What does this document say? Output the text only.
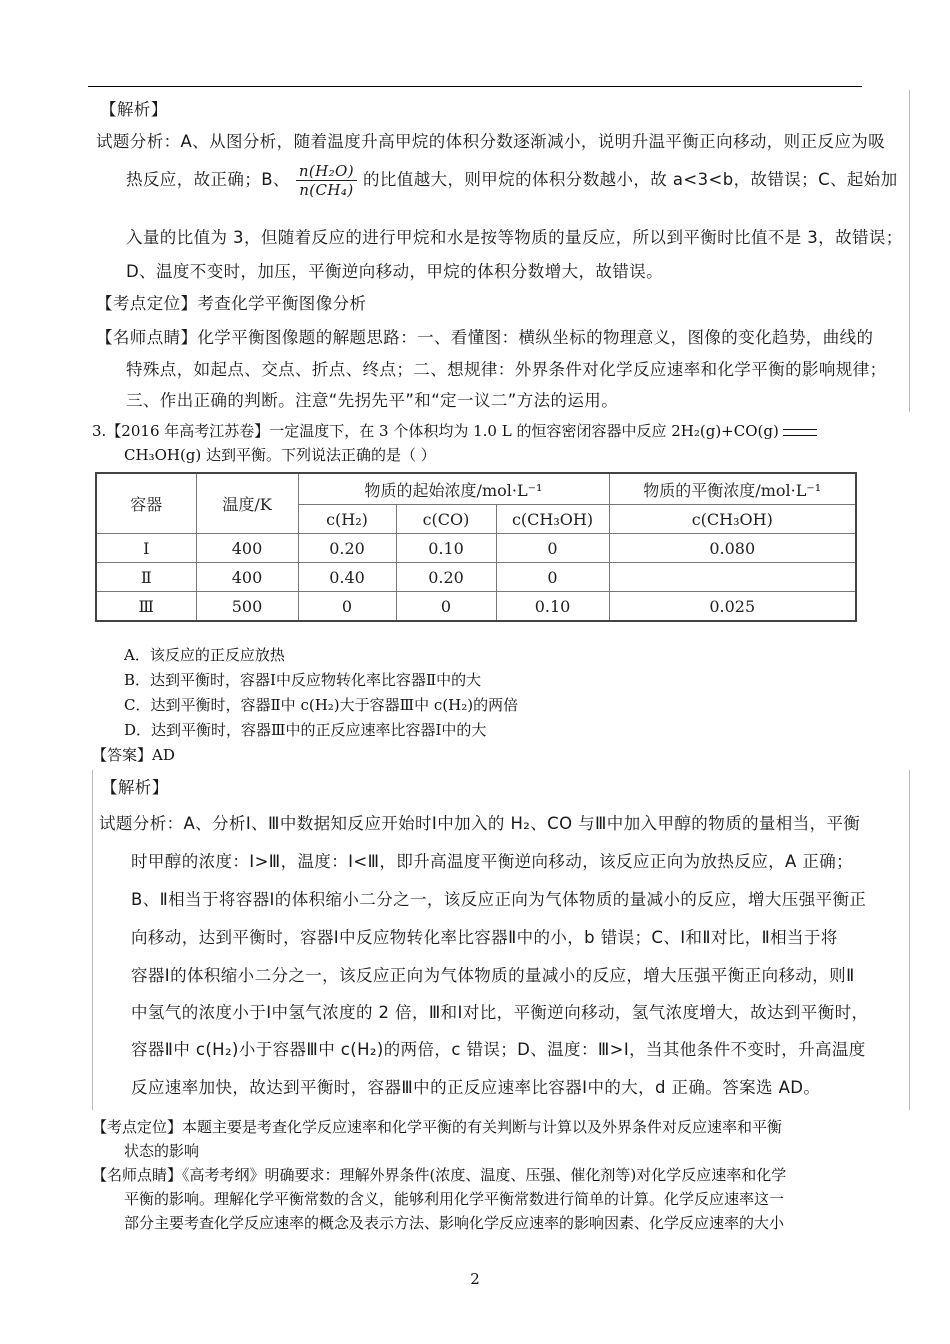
【解析】
试题分析：A、从图分析，随着温度升高甲烷的体积分数逐渐减小，说明升温平衡正向移动，则正反应为吸
热反应，故正确；B、 $\frac{\text{n(H₂O)}}{\text{n(CH₄)}}$ 的比值越大，则甲烷的体积分数越小，故 a<3<b，故错误；C、起始加
入量的比值为 3，但随着反应的进行甲烷和水是按等物质的量反应，所以到平衡时比值不是 3，故错误；
D、温度不变时，加压，平衡逆向移动，甲烷的体积分数增大，故错误。
【考点定位】考查化学平衡图像分析
【名师点睛】化学平衡图像题的解题思路：一、看懂图：横纵坐标的物理意义，图像的变化趋势，曲线的
特殊点，如起点、交点、折点、终点；二、想规律：外界条件对化学反应速率和化学平衡的影响规律；
三、作出正确的判断。注意“先拐先平”和“定一议二”方法的运用。
3.【2016 年高考江苏卷】一定温度下，在 3 个体积均为 1.0 L 的恒容密闭容器中反应 2H₂(g)+CO(g)
CH₃OH(g) 达到平衡。下列说法正确的是（ ）
容器	温度/K	物质的起始浓度/mol·L⁻¹			物质的平衡浓度/mol·L⁻¹
		c(H₂)	c(CO)	c(CH₃OH)	c(CH₃OH)
Ⅰ	400	0.20	0.10	0	0.080
Ⅱ	400	0.40	0.20	0	
Ⅲ	500	0	0	0.10	0.025
A．该反应的正反应放热
B．达到平衡时，容器Ⅰ中反应物转化率比容器Ⅱ中的大
C．达到平衡时，容器Ⅱ中 c(H₂)大于容器Ⅲ中 c(H₂)的两倍
D．达到平衡时，容器Ⅲ中的正反应速率比容器Ⅰ中的大
【答案】AD
【解析】
试题分析：A、分析Ⅰ、Ⅲ中数据知反应开始时Ⅰ中加入的 H₂、CO 与Ⅲ中加入甲醇的物质的量相当，平衡
时甲醇的浓度：Ⅰ>Ⅲ，温度：Ⅰ<Ⅲ，即升高温度平衡逆向移动，该反应正向为放热反应，A 正确；
B、Ⅱ相当于将容器Ⅰ的体积缩小二分之一，该反应正向为气体物质的量减小的反应，增大压强平衡正
向移动，达到平衡时，容器Ⅰ中反应物转化率比容器Ⅱ中的小，b 错误；C、Ⅰ和Ⅱ对比，Ⅱ相当于将
容器Ⅰ的体积缩小二分之一，该反应正向为气体物质的量减小的反应，增大压强平衡正向移动，则Ⅱ
中氢气的浓度小于Ⅰ中氢气浓度的 2 倍，Ⅲ和Ⅰ对比，平衡逆向移动，氢气浓度增大，故达到平衡时，
容器Ⅱ中 c(H₂)小于容器Ⅲ中 c(H₂)的两倍，c 错误；D、温度：Ⅲ>Ⅰ，当其他条件不变时，升高温度
反应速率加快，故达到平衡时，容器Ⅲ中的正反应速率比容器Ⅰ中的大，d 正确。答案选 AD。
【考点定位】本题主要是考查化学反应速率和化学平衡的有关判断与计算以及外界条件对反应速率和平衡
状态的影响
【名师点睛】《高考考纲》明确要求：理解外界条件(浓度、温度、压强、催化剂等)对化学反应速率和化学
平衡的影响。理解化学平衡常数的含义，能够利用化学平衡常数进行简单的计算。化学反应速率这一
部分主要考查化学反应速率的概念及表示方法、影响化学反应速率的影响因素、化学反应速率的大小
2
